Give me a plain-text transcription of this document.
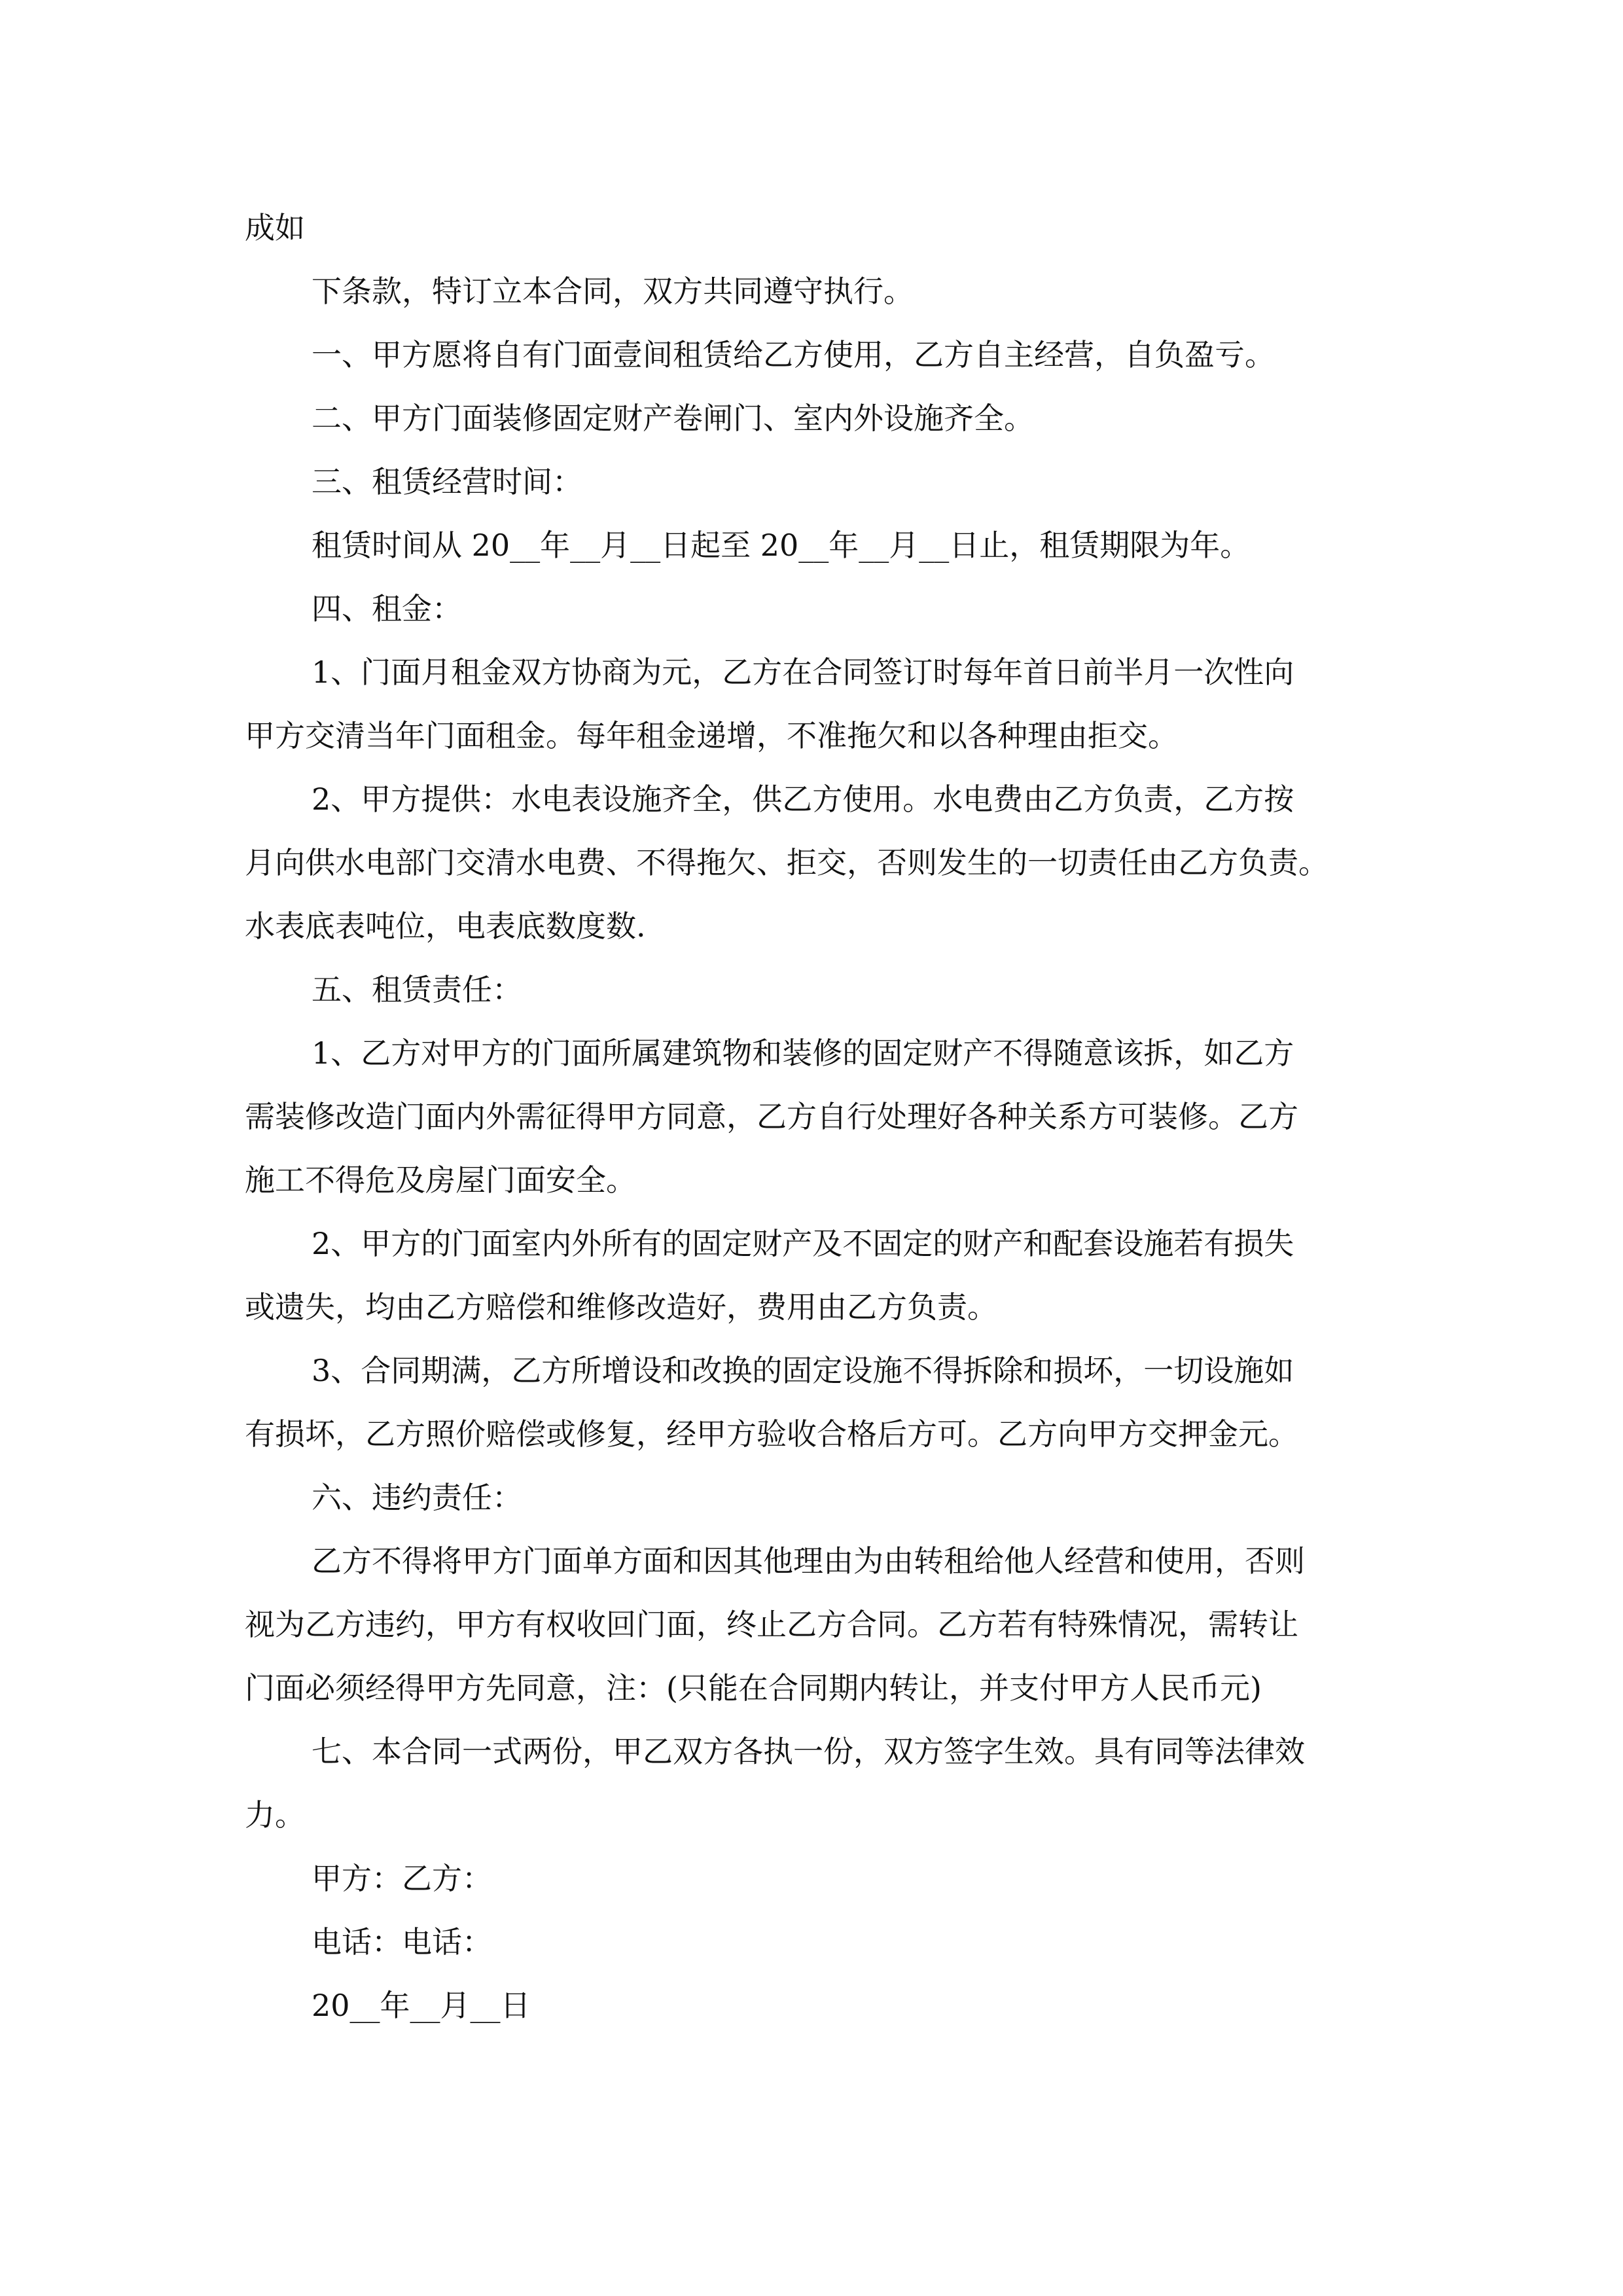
成如

下条款，特订立本合同，双方共同遵守执行。

一、甲方愿将自有门面壹间租赁给乙方使用，乙方自主经营，自负盈亏。

二、甲方门面装修固定财产卷闸门、室内外设施齐全。

三、租赁经营时间：

租赁时间从 20__年__月__日起至 20__年__月__日止，租赁期限为年。

四、租金：

1、门面月租金双方协商为元，乙方在合同签订时每年首日前半月一次性向

甲方交清当年门面租金。每年租金递增，不准拖欠和以各种理由拒交。

2、甲方提供：水电表设施齐全，供乙方使用。水电费由乙方负责，乙方按

月向供水电部门交清水电费、不得拖欠、拒交，否则发生的一切责任由乙方负责。

水表底表吨位，电表底数度数.

五、租赁责任：

1、乙方对甲方的门面所属建筑物和装修的固定财产不得随意该拆，如乙方

需装修改造门面内外需征得甲方同意，乙方自行处理好各种关系方可装修。乙方

施工不得危及房屋门面安全。

2、甲方的门面室内外所有的固定财产及不固定的财产和配套设施若有损失

或遗失，均由乙方赔偿和维修改造好，费用由乙方负责。

3、合同期满，乙方所增设和改换的固定设施不得拆除和损坏，一切设施如

有损坏，乙方照价赔偿或修复，经甲方验收合格后方可。乙方向甲方交押金元。

六、违约责任：

乙方不得将甲方门面单方面和因其他理由为由转租给他人经营和使用，否则

视为乙方违约，甲方有权收回门面，终止乙方合同。乙方若有特殊情况，需转让

门面必须经得甲方先同意，注：(只能在合同期内转让，并支付甲方人民币元)

七、本合同一式两份，甲乙双方各执一份，双方签字生效。具有同等法律效

力。

甲方：乙方：

电话：电话：

20__年__月__日
